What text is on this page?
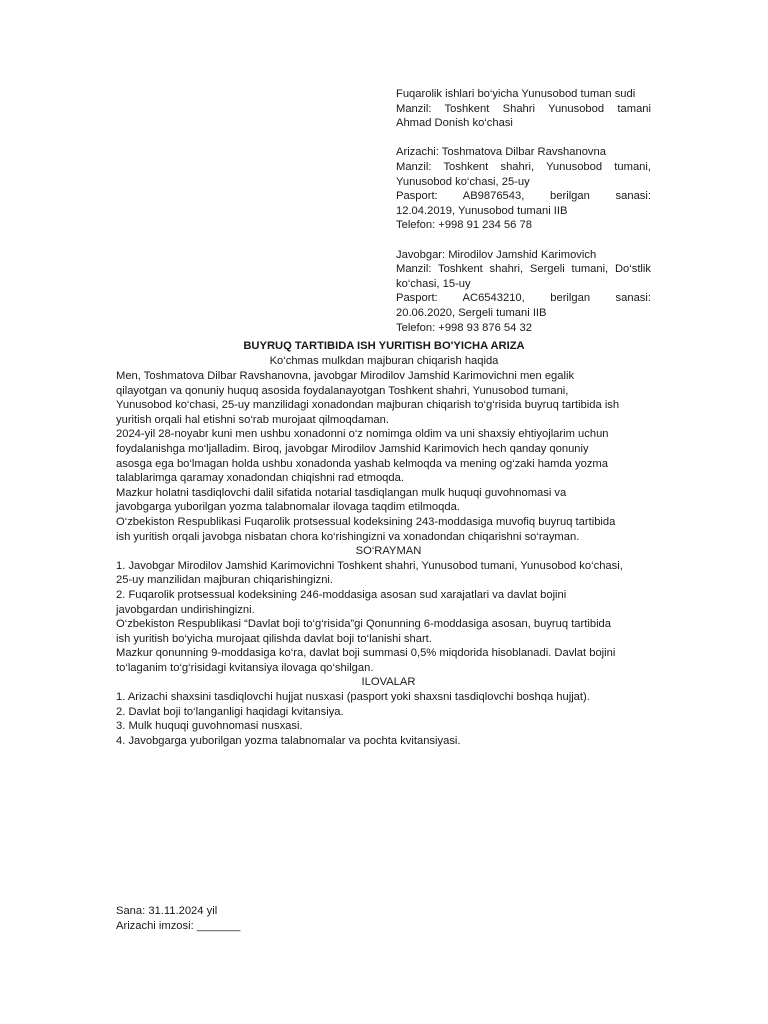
Fuqarolik ishlari bo‘yicha Yunusobod tuman sudi
Manzil: Toshkent Shahri Yunusobod tamani
Ahmad Donish ko‘chasi
Arizachi: Toshmatova Dilbar Ravshanovna
Manzil: Toshkent shahri, Yunusobod tumani,
Yunusobod ko‘chasi, 25-uy
Pasport: AB9876543, berilgan sanasi:
12.04.2019, Yunusobod tumani IIB
Telefon: +998 91 234 56 78
Javobgar: Mirodilov Jamshid Karimovich
Manzil: Toshkent shahri, Sergeli tumani, Do‘stlik
ko‘chasi, 15-uy
Pasport: AC6543210, berilgan sanasi:
20.06.2020, Sergeli tumani IIB
Telefon: +998 93 876 54 32
BUYRUQ TARTIBIDA ISH YURITISH BO'YICHA ARIZA
Ko‘chmas mulkdan majburan chiqarish haqida
Men, Toshmatova Dilbar Ravshanovna, javobgar Mirodilov Jamshid Karimovichni men egalik
qilayotgan va qonuniy huquq asosida foydalanayotgan Toshkent shahri, Yunusobod tumani,
Yunusobod ko‘chasi, 25-uy manzilidagi xonadondan majburan chiqarish to‘g‘risida buyruq tartibida ish
yuritish orqali hal etishni so‘rab murojaat qilmoqdaman.
2024-yil 28-noyabr kuni men ushbu xonadonni o‘z nomimga oldim va uni shaxsiy ehtiyojlarim uchun
foydalanishga mo‘ljalladim. Biroq, javobgar Mirodilov Jamshid Karimovich hech qanday qonuniy
asosga ega bo‘lmagan holda ushbu xonadonda yashab kelmoqda va mening og‘zaki hamda yozma
talablarimga qaramay xonadondan chiqishni rad etmoqda.
Mazkur holatni tasdiqlovchi dalil sifatida notarial tasdiqlangan mulk huquqi guvohnomasi va
javobgarga yuborilgan yozma talabnomalar ilovaga taqdim etilmoqda.
O‘zbekiston Respublikasi Fuqarolik protsessual kodeksining 243-moddasiga muvofiq buyruq tartibida
ish yuritish orqali javobga nisbatan chora ko‘rishingizni va xonadondan chiqarishni so‘rayman.
SO‘RAYMAN
1. Javobgar Mirodilov Jamshid Karimovichni Toshkent shahri, Yunusobod tumani, Yunusobod ko‘chasi,
25-uy manzilidan majburan chiqarishingizni.
2. Fuqarolik protsessual kodeksining 246-moddasiga asosan sud xarajatlari va davlat bojini
javobgardan undirishingizni.
O‘zbekiston Respublikasi “Davlat boji to‘g‘risida”gi Qonunning 6-moddasiga asosan, buyruq tartibida
ish yuritish bo‘yicha murojaat qilishda davlat boji to‘lanishi shart.
Mazkur qonunning 9-moddasiga ko‘ra, davlat boji summasi 0,5% miqdorida hisoblanadi. Davlat bojini
to‘laganim to‘g‘risidagi kvitansiya ilovaga qo‘shilgan.
ILOVALAR
1. Arizachi shaxsini tasdiqlovchi hujjat nusxasi (pasport yoki shaxsni tasdiqlovchi boshqa hujjat).
2. Davlat boji to‘langanligi haqidagi kvitansiya.
3. Mulk huquqi guvohnomasi nusxasi.
4. Javobgarga yuborilgan yozma talabnomalar va pochta kvitansiyasi.
Sana: 31.11.2024 yil
Arizachi imzosi: _______
